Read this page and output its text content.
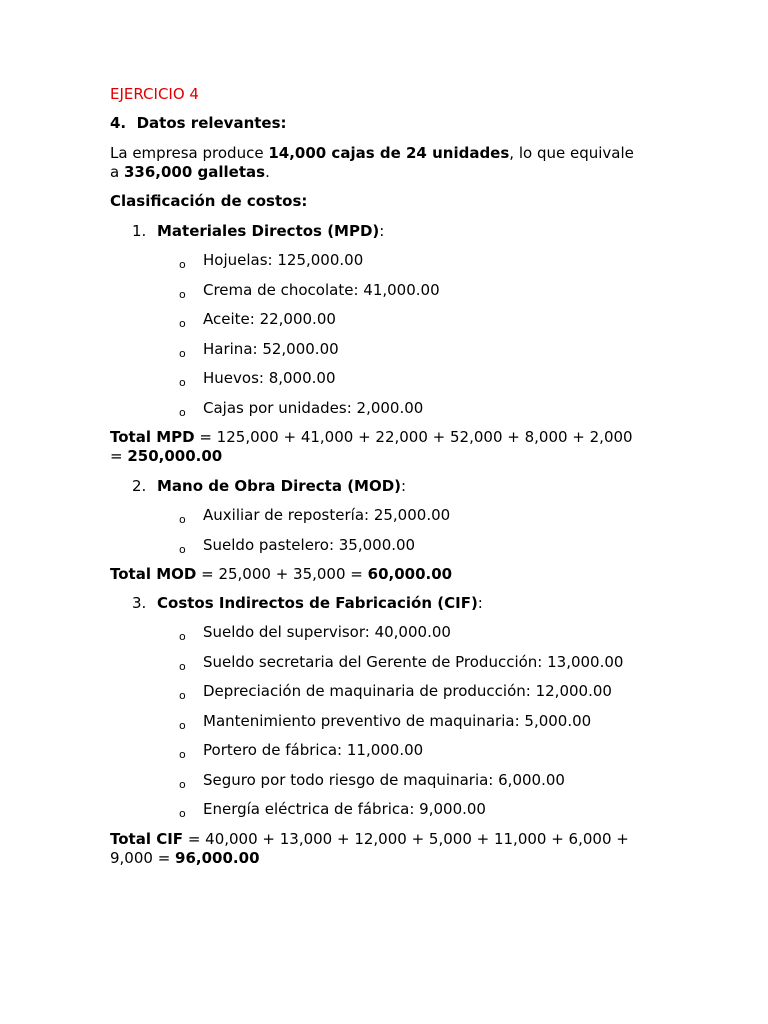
EJERCICIO 4

4. Datos relevantes:

La empresa produce 14,000 cajas de 24 unidades, lo que equivale

a 336,000 galletas.

Clasificación de costos:

1. Materiales Directos (MPD):
o Hojuelas: 125,000.00
o Crema de chocolate: 41,000.00
o Aceite: 22,000.00
o Harina: 52,000.00
o Huevos: 8,000.00
o Cajas por unidades: 2,000.00

Total MPD = 125,000 + 41,000 + 22,000 + 52,000 + 8,000 + 2,000

= 250,000.00

2. Mano de Obra Directa (MOD):
o Auxiliar de repostería: 25,000.00
o Sueldo pastelero: 35,000.00

Total MOD = 25,000 + 35,000 = 60,000.00

3. Costos Indirectos de Fabricación (CIF):
o Sueldo del supervisor: 40,000.00
o Sueldo secretaria del Gerente de Producción: 13,000.00
o Depreciación de maquinaria de producción: 12,000.00
o Mantenimiento preventivo de maquinaria: 5,000.00
o Portero de fábrica: 11,000.00
o Seguro por todo riesgo de maquinaria: 6,000.00
o Energía eléctrica de fábrica: 9,000.00

Total CIF = 40,000 + 13,000 + 12,000 + 5,000 + 11,000 + 6,000 +

9,000 = 96,000.00
